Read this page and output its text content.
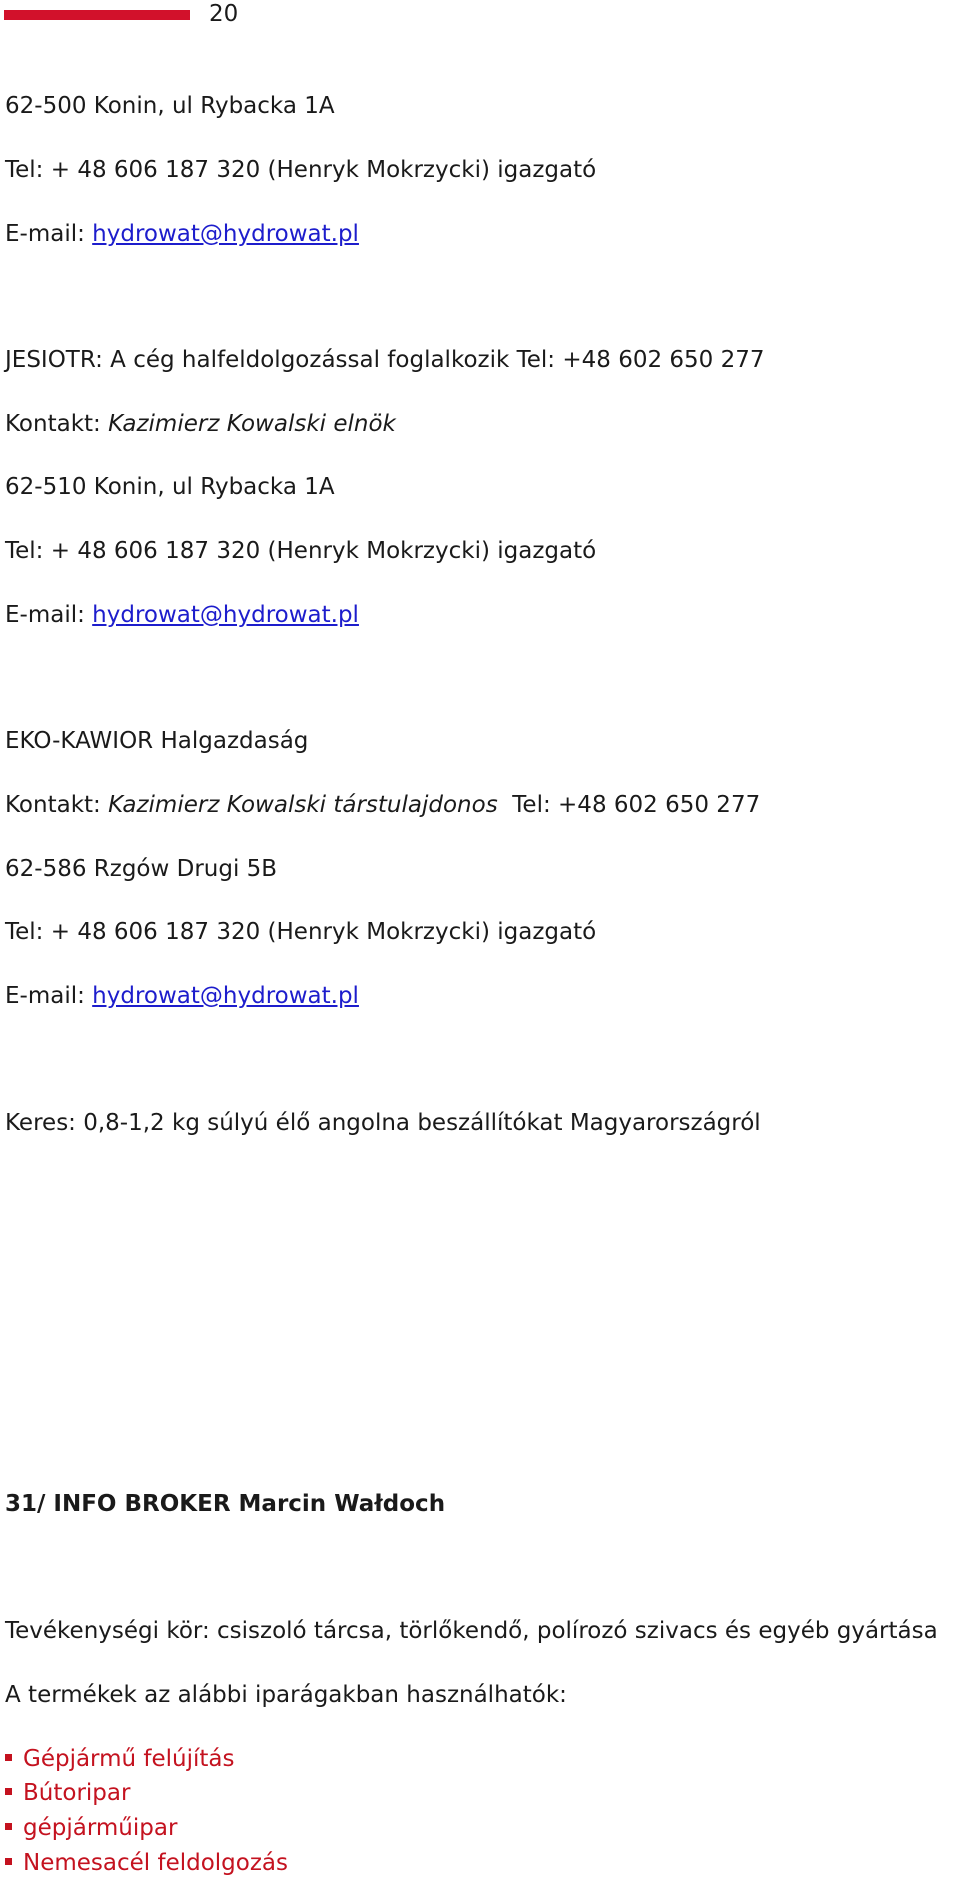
20
62-500 Konin, ul Rybacka 1A
Tel: + 48 606 187 320 (Henryk Mokrzycki) igazgató
E-mail: hydrowat@hydrowat.pl
JESIOTR: A cég halfeldolgozással foglalkozik Tel: +48 602 650 277
Kontakt: Kazimierz Kowalski elnök
62-510 Konin, ul Rybacka 1A
Tel: + 48 606 187 320 (Henryk Mokrzycki) igazgató
E-mail: hydrowat@hydrowat.pl
EKO-KAWIOR Halgazdaság
Kontakt: Kazimierz Kowalski társtulajdonos  Tel: +48 602 650 277
62-586 Rzgów Drugi 5B
Tel: + 48 606 187 320 (Henryk Mokrzycki) igazgató
E-mail: hydrowat@hydrowat.pl
Keres: 0,8-1,2 kg súlyú élő angolna beszállítókat Magyarországról
31/ INFO BROKER Marcin Wałdoch
Tevékenységi kör: csiszoló tárcsa, törlőkendő, polírozó szivacs és egyéb gyártása
A termékek az alábbi iparágakban használhatók:
Gépjármű felújítás
Bútoripar
gépjárműipar
Nemesacél feldolgozás
